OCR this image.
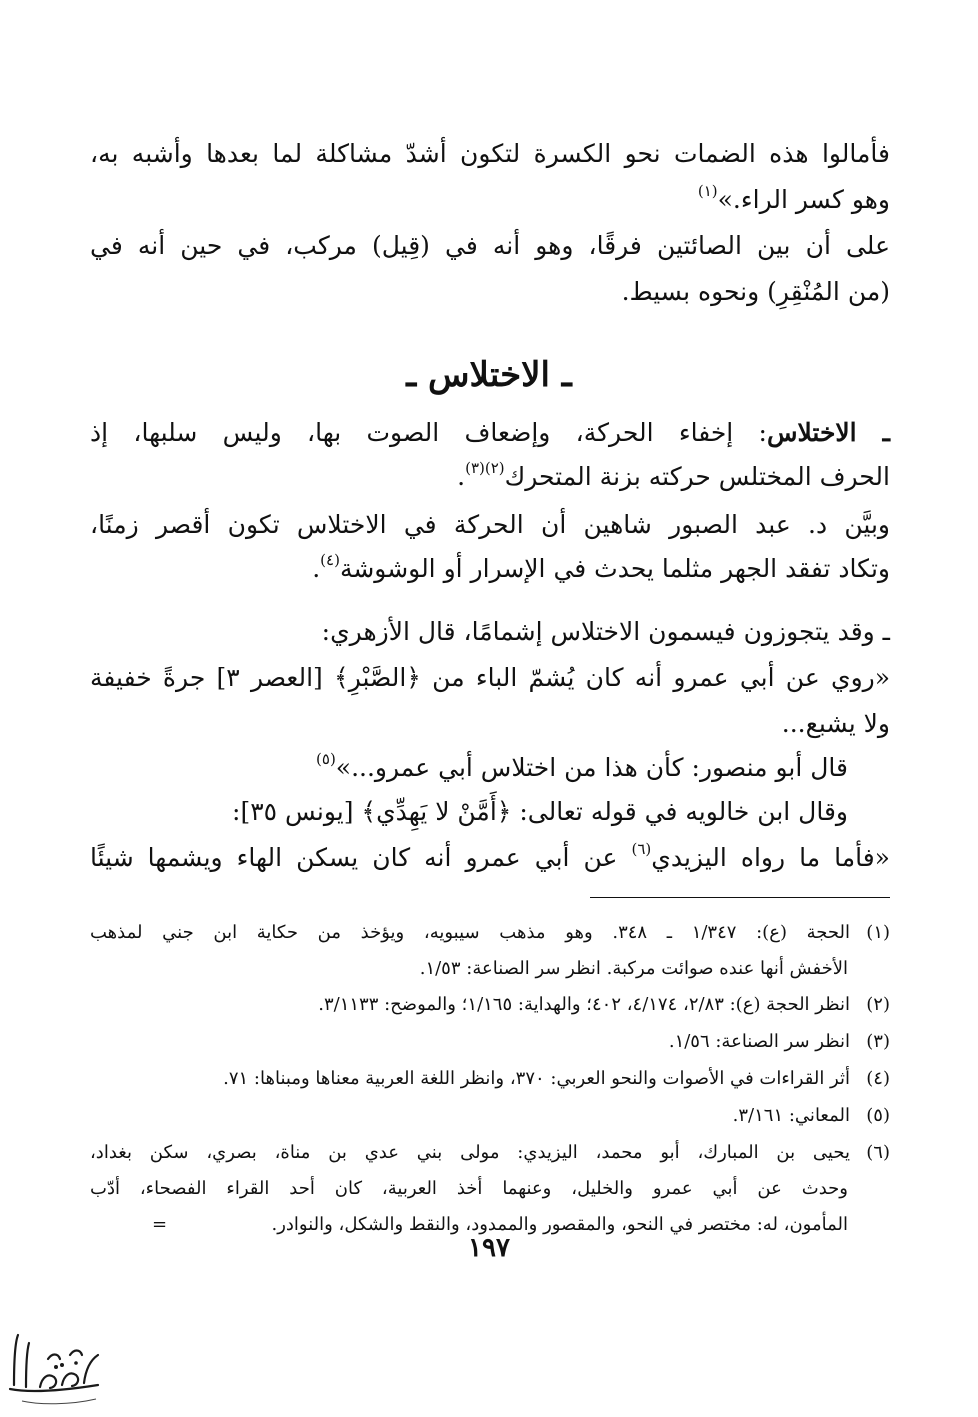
فأمالوا هذه الضمات نحو الكسرة لتكون أشدّ مشاكلة لما بعدها وأشبه به،
وهو كسر الراء.»$^{(١)}$
على أن بين الصائتين فرقًا، وهو أنه في (قِيل) مركب، في حين أنه في
(من المُنْقِرِ) ونحوه بسيط.
ـ الاختلاس ـ
ـ الاختلاس: إخفاء الحركة، وإضعاف الصوت بها، وليس سلبها، إذ
الحرف المختلس حركته بزنة المتحرك$^{(٢)(٣)}$.
وبيَّن د. عبد الصبور شاهين أن الحركة في الاختلاس تكون أقصر زمنًا،
وتكاد تفقد الجهر مثلما يحدث في الإسرار أو الوشوشة$^{(٤)}$.
ـ وقد يتجوزون فيسمون الاختلاس إشمامًا، قال الأزهري:
«روي عن أبي عمرو أنه كان يُشمّ الباء من ﴿الصَّبْرِ﴾ [العصر ٣] جرةً خفيفة
ولا يشبع...
قال أبو منصور: كأن هذا من اختلاس أبي عمرو...»$^{(٥)}$
وقال ابن خالويه في قوله تعالى: ﴿أَمَّنْ لا يَهِدِّي﴾ [يونس ٣٥]:
«فأما ما رواه اليزيدي$^{(٦)}$ عن أبي عمرو أنه كان يسكن الهاء ويشمها شيئًا
(١)الحجة (ع): ١/٣٤٧ ـ ٣٤٨. وهو مذهب سيبويه، ويؤخذ من حكاية ابن جني لمذهب
الأخفش أنها عنده صوائت مركبة. انظر سر الصناعة: ١/٥٣.
(٢)انظر الحجة (ع): ٢/٨٣، ٤/١٧٤، ٤٠٢؛ والهداية: ١/١٦٥؛ والموضح: ٣/١١٣٣.
(٣)انظر سر الصناعة: ١/٥٦.
(٤)أثر القراءات في الأصوات والنحو العربي: ٣٧٠، وانظر اللغة العربية معناها ومبناها: ٧١.
(٥)المعاني: ٣/١٦١.
(٦)يحيى بن المبارك، أبو محمد، اليزيدي: مولى بني عدي بن مناة، بصري، سكن بغداد،
وحدث عن أبي عمرو والخليل، وعنهما أخذ العربية، كان أحد القراء الفصحاء، أدّب
المأمون، له: مختصر في النحو، والمقصور والممدود، والنقط والشكل، والنوادر.
=
١٩٧
